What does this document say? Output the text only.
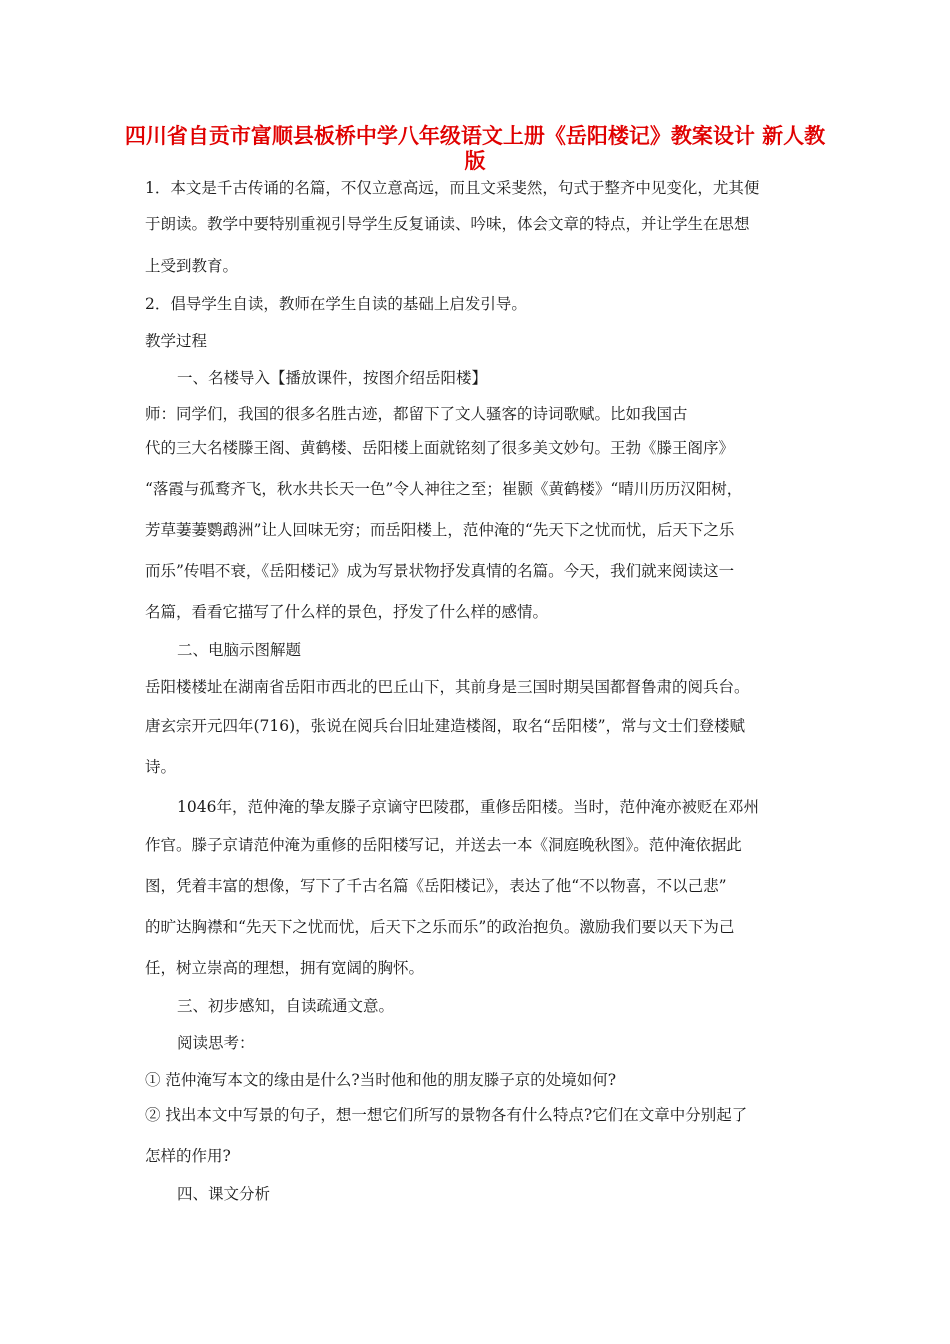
四川省自贡市富顺县板桥中学八年级语文上册《岳阳楼记》教案设计 新人教版
1．本文是千古传诵的名篇，不仅立意高远，而且文采斐然，句式于整齐中见变化，尤其便
于朗读。教学中要特别重视引导学生反复诵读、吟味，体会文章的特点，并让学生在思想
上受到教育。
2．倡导学生自读，教师在学生自读的基础上启发引导。
教学过程
一、名楼导入【播放课件，按图介绍岳阳楼】
师：同学们，我国的很多名胜古迹，都留下了文人骚客的诗词歌赋。比如我国古
代的三大名楼滕王阁、黄鹤楼、岳阳楼上面就铭刻了很多美文妙句。王勃《滕王阁序》
“落霞与孤鹜齐飞，秋水共长天一色”令人神往之至；崔颢《黄鹤楼》“晴川历历汉阳树，
芳草萋萋鹦鹉洲”让人回味无穷；而岳阳楼上，范仲淹的“先天下之忧而忧，后天下之乐
而乐”传唱不衰，《岳阳楼记》成为写景状物抒发真情的名篇。今天，我们就来阅读这一
名篇，看看它描写了什么样的景色，抒发了什么样的感情。
二、电脑示图解题
岳阳楼楼址在湖南省岳阳市西北的巴丘山下，其前身是三国时期吴国都督鲁肃的阅兵台。
唐玄宗开元四年(716)，张说在阅兵台旧址建造楼阁，取名“岳阳楼”，常与文士们登楼赋
诗。
1046年，范仲淹的挚友滕子京谪守巴陵郡，重修岳阳楼。当时，范仲淹亦被贬在邓州
作官。滕子京请范仲淹为重修的岳阳楼写记，并送去一本《洞庭晚秋图》。范仲淹依据此
图，凭着丰富的想像，写下了千古名篇《岳阳楼记》，表达了他“不以物喜，不以己悲”
的旷达胸襟和“先天下之忧而忧，后天下之乐而乐”的政治抱负。激励我们要以天下为己
任，树立崇高的理想，拥有宽阔的胸怀。
三、初步感知，自读疏通文意。
阅读思考：
① 范仲淹写本文的缘由是什么?当时他和他的朋友滕子京的处境如何?
② 找出本文中写景的句子，想一想它们所写的景物各有什么特点?它们在文章中分别起了
怎样的作用?
四、课文分析
